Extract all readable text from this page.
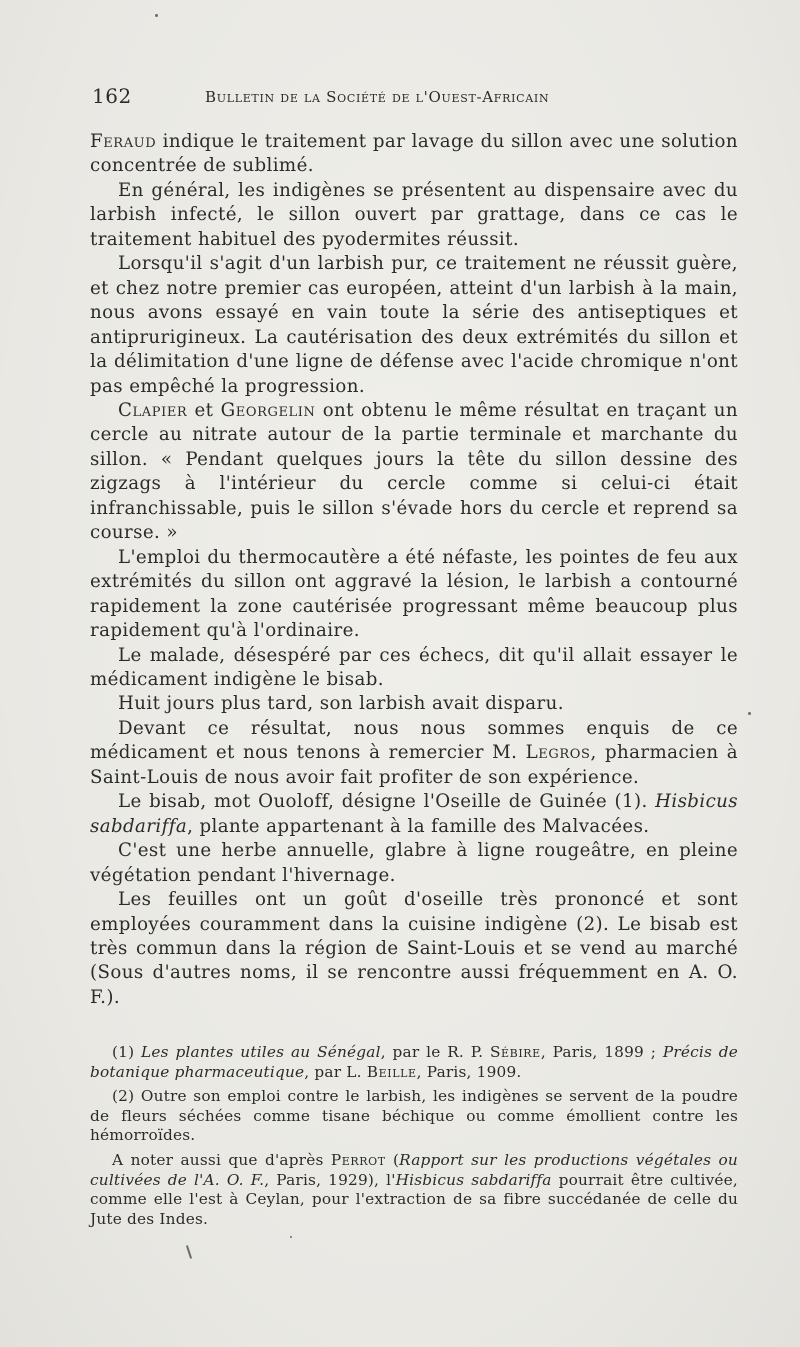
162	Bulletin de la Société de l'Ouest-Africain

Feraud indique le traitement par lavage du sillon avec une solution concentrée de sublimé.

En général, les indigènes se présentent au dispensaire avec du larbish infecté, le sillon ouvert par grattage, dans ce cas le traitement habituel des pyodermites réussit.

Lorsqu'il s'agit d'un larbish pur, ce traitement ne réussit guère, et chez notre premier cas européen, atteint d'un larbish à la main, nous avons essayé en vain toute la série des antiseptiques et antiprurigineux. La cautérisation des deux extrémités du sillon et la délimitation d'une ligne de défense avec l'acide chromique n'ont pas empêché la progression.

Clapier et Georgelin ont obtenu le même résultat en traçant un cercle au nitrate autour de la partie terminale et marchante du sillon. « Pendant quelques jours la tête du sillon dessine des zigzags à l'intérieur du cercle comme si celui-ci était infranchissable, puis le sillon s'évade hors du cercle et reprend sa course. »

L'emploi du thermocautère a été néfaste, les pointes de feu aux extrémités du sillon ont aggravé la lésion, le larbish a contourné rapidement la zone cautérisée progressant même beaucoup plus rapidement qu'à l'ordinaire.

Le malade, désespéré par ces échecs, dit qu'il allait essayer le médicament indigène le bisab.

Huit jours plus tard, son larbish avait disparu.

Devant ce résultat, nous nous sommes enquis de ce médicament et nous tenons à remercier M. Legros, pharmacien à Saint-Louis de nous avoir fait profiter de son expérience.

Le bisab, mot Ouoloff, désigne l'Oseille de Guinée (1). Hisbicus sabdariffa, plante appartenant à la famille des Malvacées.

C'est une herbe annuelle, glabre à ligne rougeâtre, en pleine végétation pendant l'hivernage.

Les feuilles ont un goût d'oseille très prononcé et sont employées couramment dans la cuisine indigène (2). Le bisab est très commun dans la région de Saint-Louis et se vend au marché (Sous d'autres noms, il se rencontre aussi fréquemment en A. O. F.).

(1) Les plantes utiles au Sénégal, par le R. P. Sébire, Paris, 1899 ; Précis de botanique pharmaceutique, par L. Beille, Paris, 1909.

(2) Outre son emploi contre le larbish, les indigènes se servent de la poudre de fleurs séchées comme tisane béchique ou comme émollient contre les hémorroïdes.

A noter aussi que d'après Perrot (Rapport sur les productions végétales ou cultivées de l'A. O. F., Paris, 1929), l'Hisbicus sabdariffa pourrait être cultivée, comme elle l'est à Ceylan, pour l'extraction de sa fibre succédanée de celle du Jute des Indes.
